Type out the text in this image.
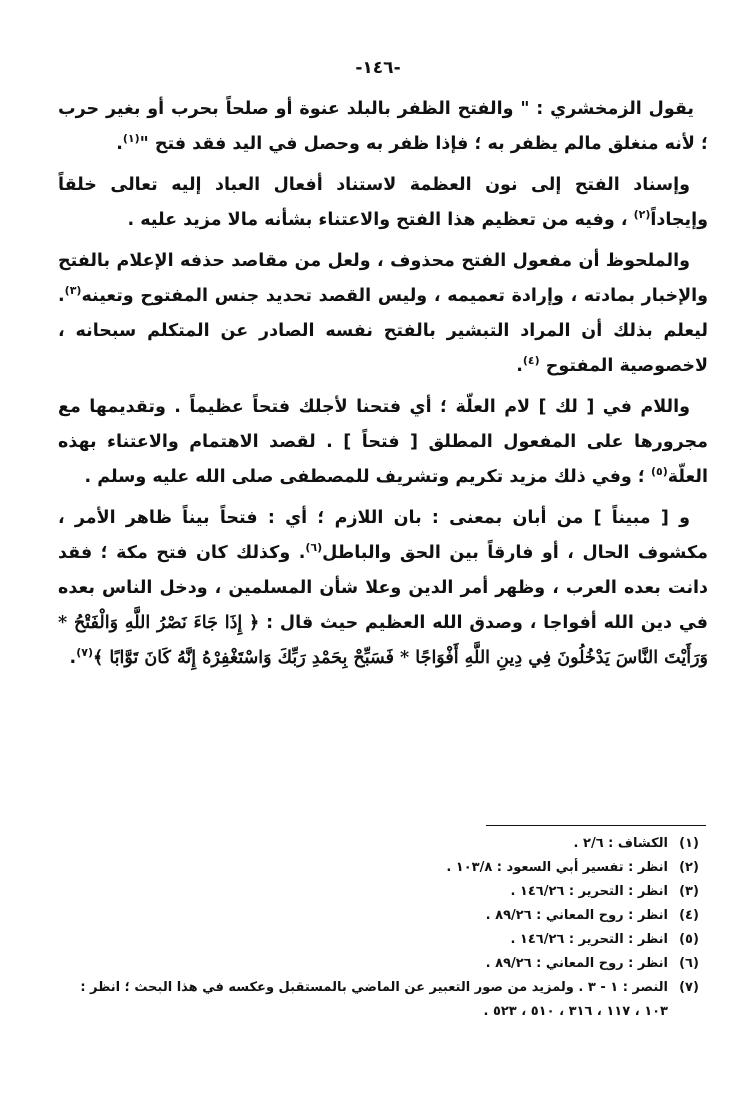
-١٤٦-

يقول الزمخشري : " والفتح الظفر بالبلد عنوة أو صلحاً بحرب أو بغير حرب ؛ لأنه منغلق مالم يظفر به ؛ فإذا ظفر به وحصل في اليد فقد فتح "$^{(١)}$.

وإسناد الفتح إلى نون العظمة لاستناد أفعال العباد إليه تعالى خلقاً وإيجاداً$^{(٢)}$ ، وفيه من تعظيم هذا الفتح والاعتناء بشأنه مالا مزيد عليه .

والملحوظ أن مفعول الفتح محذوف ، ولعل من مقاصد حذفه الإعلام بالفتح والإخبار بمادته ، وإرادة تعميمه ، وليس القصد تحديد جنس المفتوح وتعينه$^{(٣)}$. ليعلم بذلك أن المراد التبشير بالفتح نفسه الصادر عن المتكلم سبحانه ، لاخصوصية المفتوح $^{(٤)}$.

واللام في [ لك ] لام العلّة ؛ أي فتحنا لأجلك فتحاً عظيماً . وتقديمها مع مجرورها على المفعول المطلق [ فتحاً ] . لقصد الاهتمام والاعتناء بهذه العلّة$^{(٥)}$ ؛ وفي ذلك مزيد تكريم وتشريف للمصطفى صلى الله عليه وسلم .

و [ مبيناً ] من أبان بمعنى : بان اللازم ؛ أي : فتحاً بيناً ظاهر الأمر ، مكشوف الحال ، أو فارقاً بين الحق والباطل$^{(٦)}$. وكذلك كان فتح مكة ؛ فقد دانت بعده العرب ، وظهر أمر الدين وعلا شأن المسلمين ، ودخل الناس بعده في دين الله أفواجا ، وصدق الله العظيم حيث قال : ﴿ إِذَا جَاءَ نَصْرُ اللَّهِ وَالْفَتْحُ * وَرَأَيْتَ النَّاسَ يَدْخُلُونَ فِي دِينِ اللَّهِ أَفْوَاجًا * فَسَبِّحْ بِحَمْدِ رَبِّكَ وَاسْتَغْفِرْهُ إِنَّهُ كَانَ تَوَّابًا ﴾$^{(٧)}$.

(١)
الكشاف : ٢/٦ .
(٢)
انظر : تفسير أبي السعود : ١٠٣/٨ .
(٣)
انظر : التحرير : ١٤٦/٢٦ .
(٤)
انظر : روح المعاني : ٨٩/٢٦ .
(٥)
انظر : التحرير : ١٤٦/٢٦ .
(٦)
انظر : روح المعاني : ٨٩/٢٦ .
(٧)
النصر : ١ - ٣ . ولمزيد من صور التعبير عن الماضي بالمستقبل وعكسه في هذا البحث ؛ انظر : ١٠٣ ، ١١٧ ، ٣١٦ ، ٥١٠ ، ٥٢٣ .
